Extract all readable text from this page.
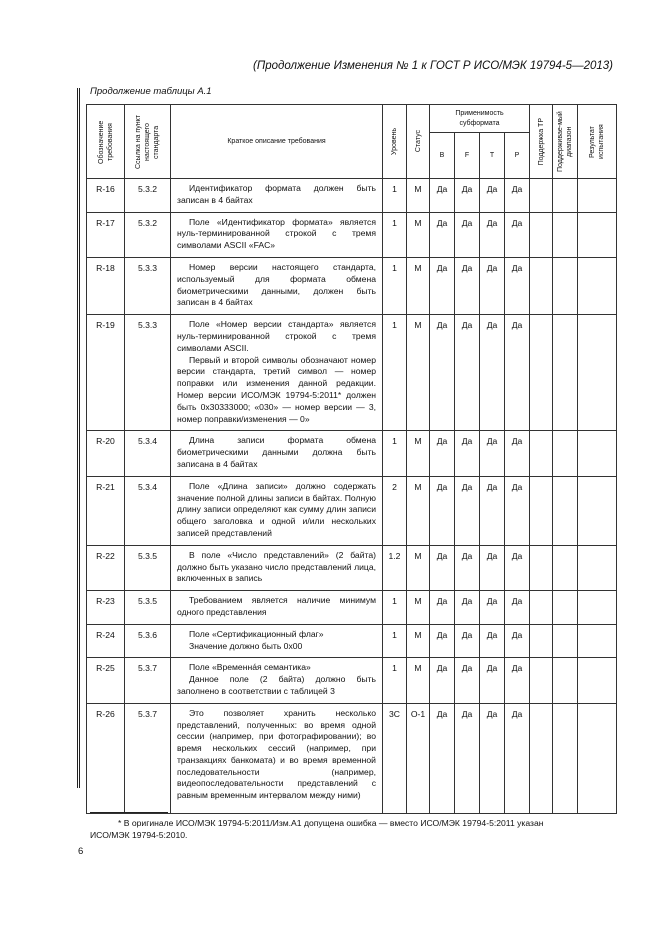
(Продолжение Изменения № 1 к ГОСТ Р ИСО/МЭК 19794-5—2013)
Продолжение таблицы А.1
Обозначение требования	Ссылка на пункт настоящего стандарта	Краткое описание требования	Уровень	Статус	Применимость субформата				Поддержка ТР	Поддерживае-мый диапазон	Результат испытания

					B	F	T	P			
R-16	5.3.2	Идентификатор формата должен быть записан в 4 байтах	1	М	Да	Да	Да	Да			
R-17	5.3.2	Поле «Идентификатор формата» является нуль-терминированной строкой с тремя символами ASCII «FAC»	1	М	Да	Да	Да	Да			
R-18	5.3.3	Номер версии настоящего стандарта, используемый для формата обмена биометрическими данными, должен быть записан в 4 байтах	1	М	Да	Да	Да	Да			
R-19	5.3.3	Поле «Номер версии стандарта» является нуль-терминированной строкой с тремя символами ASCII.
Первый и второй символы обозначают номер версии стандарта, третий символ — номер поправки или изменения данной редакции. Номер версии ИСО/МЭК 19794-5:2011* должен быть 0x30333000; «030» — номер версии — 3, номер поправки/изменения — 0»	1	М	Да	Да	Да	Да			
R-20	5.3.4	Длина записи формата обмена биометрическими данными должна быть записана в 4 байтах	1	М	Да	Да	Да	Да			
R-21	5.3.4	Поле «Длина записи» должно содержать значение полной длины записи в байтах. Полную длину записи определяют как сумму длин записи общего заголовка и одной и/или нескольких записей представлений	2	М	Да	Да	Да	Да			
R-22	5.3.5	В поле «Число представлений» (2 байта) должно быть указано число представлений лица, включенных в запись	1.2	М	Да	Да	Да	Да			
R-23	5.3.5	Требованием является наличие минимум одного представления	1	М	Да	Да	Да	Да			
R-24	5.3.6	Поле «Сертификационный флаг»
Значение должно быть 0x00	1	М	Да	Да	Да	Да			
R-25	5.3.7	Поле «Временна́я семантика»
Данное поле (2 байта) должно быть заполнено в соответствии с таблицей 3	1	М	Да	Да	Да	Да			
R-26	5.3.7	Это позволяет хранить несколько представлений, полученных: во время одной сессии (например, при фотографировании); во время нескольких сессий (например, при транзакциях банкомата) и во время временной последовательности (например, видеопоследовательности представлений с равным временным интервалом между ними)	3С	О-1	Да	Да	Да	Да			
* В оригинале ИСО/МЭК 19794-5:2011/Изм.А1 допущена ошибка — вместо ИСО/МЭК 19794-5:2011 указан
ИСО/МЭК 19794-5:2010.
6
